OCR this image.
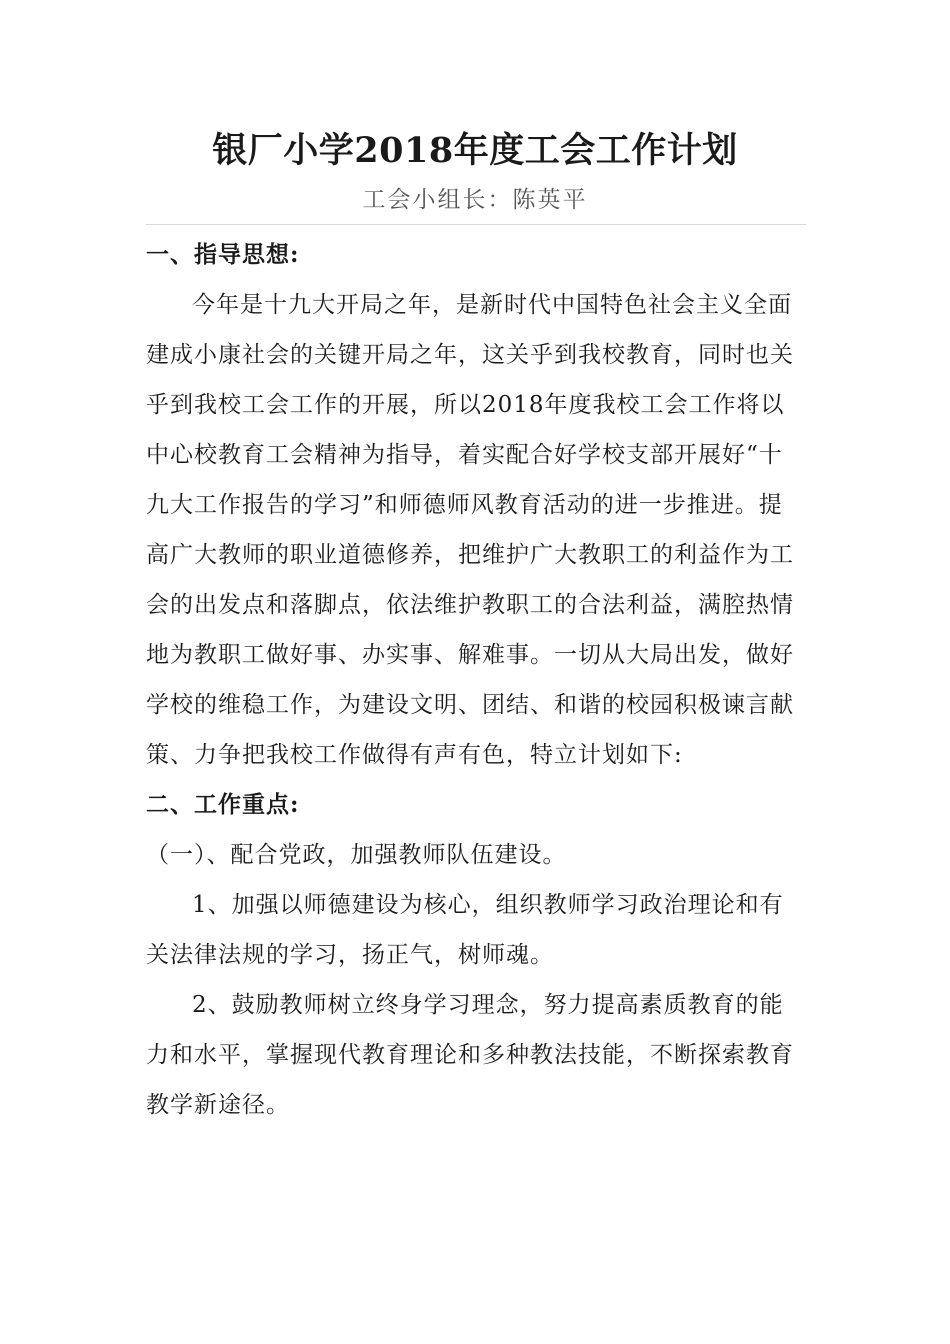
银厂小学2018年度工会工作计划
工会小组长：陈英平

一、指导思想:

今年是十九大开局之年，是新时代中国特色社会主义全面建成小康社会的关键开局之年，这关乎到我校教育，同时也关乎到我校工会工作的开展，所以2018年度我校工会工作将以中心校教育工会精神为指导，着实配合好学校支部开展好“十九大工作报告的学习”和师德师风教育活动的进一步推进。提高广大教师的职业道德修养，把维护广大教职工的利益作为工会的出发点和落脚点，依法维护教职工的合法利益，满腔热情地为教职工做好事、办实事、解难事。一切从大局出发，做好学校的维稳工作，为建设文明、团结、和谐的校园积极谏言献策、力争把我校工作做得有声有色，特立计划如下:

二、工作重点:

（一）、配合党政，加强教师队伍建设。

1、加强以师德建设为核心，组织教师学习政治理论和有关法律法规的学习，扬正气，树师魂。

2、鼓励教师树立终身学习理念，努力提高素质教育的能力和水平，掌握现代教育理论和多种教法技能，不断探索教育教学新途径。
